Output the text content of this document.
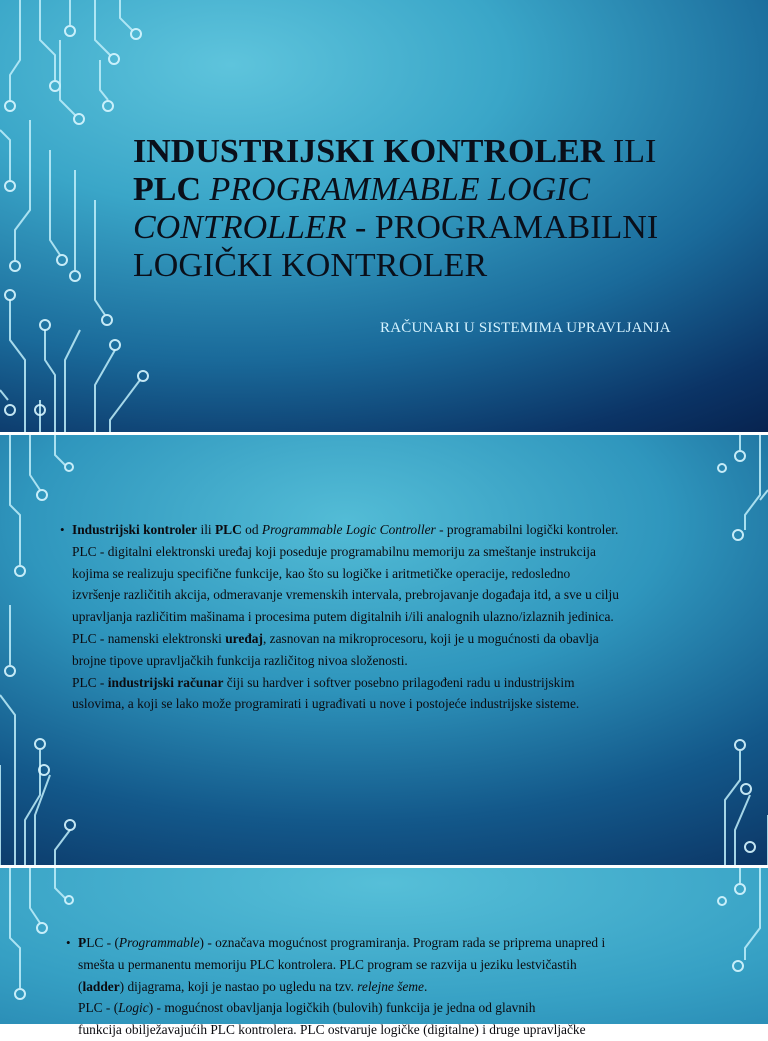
INDUSTRIJSKI KONTROLER ILI
PLC PROGRAMMABLE LOGIC
CONTROLLER - PROGRAMABILNI
LOGIČKI KONTROLER
RAČUNARI U SISTEMIMA UPRAVLJANJA
• Industrijski kontroler ili PLC od Programmable Logic Controller - programabilni logički kontroler.
PLC - digitalni elektronski uređaj koji poseduje programabilnu memoriju za smeštanje instrukcija
kojima se realizuju specifične funkcije, kao što su logičke i aritmetičke operacije, redosledno
izvršenje različitih akcija, odmeravanje vremenskih intervala, prebrojavanje događaja itd, a sve u cilju
upravljanja različitim mašinama i procesima putem digitalnih i/ili analognih ulazno/izlaznih jedinica.
PLC - namenski elektronski uređaj, zasnovan na mikroprocesoru, koji je u mogućnosti da obavlja
brojne tipove upravljačkih funkcija različitog nivoa složenosti.
PLC - industrijski računar čiji su hardver i softver posebno prilagođeni radu u industrijskim
uslovima, a koji se lako može programirati i ugrađivati u nove i postojeće industrijske sisteme.
• PLC - (Programmable) - označava mogućnost programiranja. Program rada se priprema unapred i
smešta u permanentu memoriju PLC kontrolera. PLC program se razvija u jeziku lestvičastih
(ladder) dijagrama, koji je nastao po ugledu na tzv. relejne šeme.
PLC - (Logic) - mogućnost obavljanja logičkih (bulovih) funkcija je jedna od glavnih
funkcija obilježavajućih PLC kontrolera. PLC ostvaruje logičke (digitalne) i druge upravljačke
